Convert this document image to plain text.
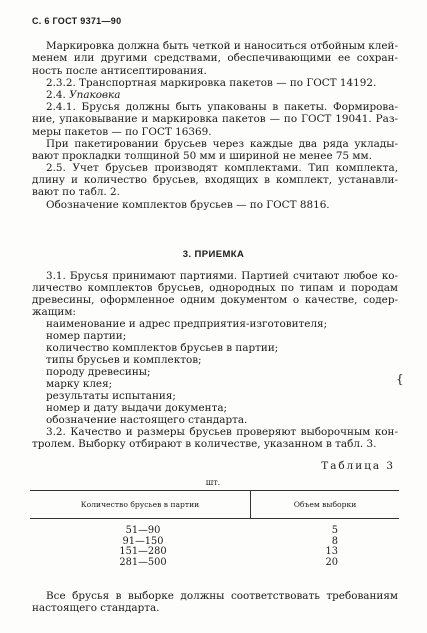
С. 6 ГОСТ 9371—90
Маркировка должна быть четкой и наноситься отбойным клей-
менем или другими средствами, обеспечивающими ее сохран-
ность после антисептирования.
2.3.2. Транспортная маркировка пакетов — по ГОСТ 14192.
2.4. Упаковка
2.4.1. Брусья должны быть упакованы в пакеты. Формирова-
ние, упаковывание и маркировка пакетов — по ГОСТ 19041. Раз-
меры пакетов — по ГОСТ 16369.
При пакетировании брусьев через каждые два ряда уклады-
вают прокладки толщиной 50 мм и шириной не менее 75 мм.
2.5. Учет брусьев производят комплектами. Тип комплекта,
длину и количество брусьев, входящих в комплект, устанавли-
вают по табл. 2.
Обозначение комплектов брусьев — по ГОСТ 8816.
3. ПРИЕМКА
3.1. Брусья принимают партиями. Партией считают любое ко-
личество комплектов брусьев, однородных по типам и породам
древесины, оформленное одним документом о качестве, содер-
жащим:
наименование и адрес предприятия-изготовителя;
номер партии;
количество комплектов брусьев в партии;
типы брусьев и комплектов;
породу древесины;
марку клея;
результаты испытания;
номер и дату выдачи документа;
обозначение настоящего стандарта.
{
3.2. Качество и размеры брусьев проверяют выборочным кон-
тролем. Выборку отбирают в количестве, указанном в табл. 3.
Таблица 3
шт.
Количество брусьев в партии	Объем выборки
51—90	5
91—150	8
151—280	13
281—500	20
Все брусья в выборке должны соответствовать требованиям
настоящего стандарта.
